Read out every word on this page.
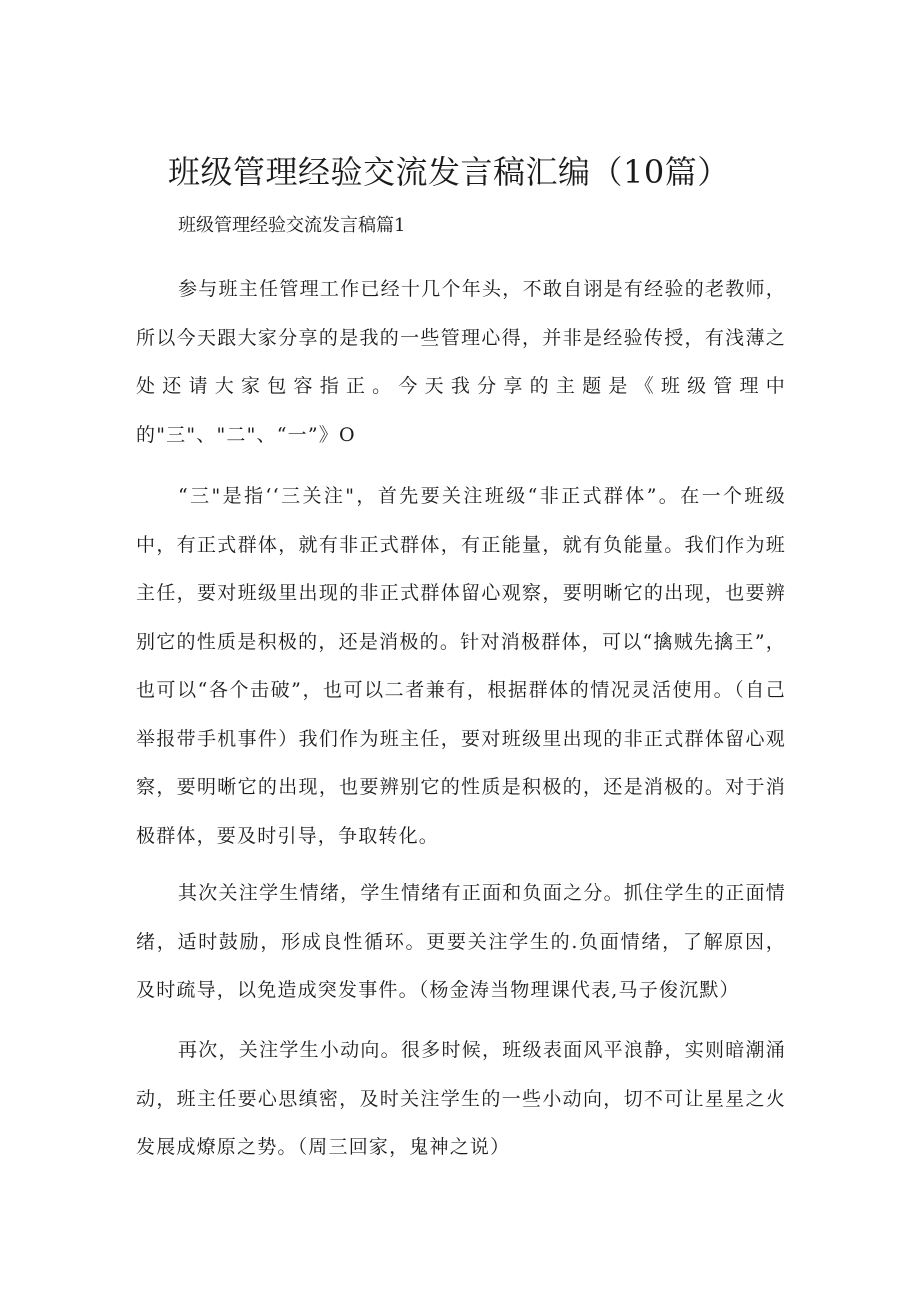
班级管理经验交流发言稿汇编（10篇）
班级管理经验交流发言稿篇1

参与班主任管理工作已经十几个年头，不敢自诩是有经验的老教师，所以今天跟大家分享的是我的一些管理心得，并非是经验传授，有浅薄之处还请大家包容指正。今天我分享的主题是《班级管理中的"三"、"二"、“一”》O

“三"是指‘‘三关注"，首先要关注班级“非正式群体”。在一个班级中，有正式群体，就有非正式群体，有正能量，就有负能量。我们作为班主任，要对班级里出现的非正式群体留心观察，要明晰它的出现，也要辨别它的性质是积极的，还是消极的。针对消极群体，可以“擒贼先擒王”，也可以“各个击破”，也可以二者兼有，根据群体的情况灵活使用。（自己举报带手机事件）我们作为班主任，要对班级里出现的非正式群体留心观察，要明晰它的出现，也要辨别它的性质是积极的，还是消极的。对于消极群体，要及时引导，争取转化。

其次关注学生情绪，学生情绪有正面和负面之分。抓住学生的正面情绪，适时鼓励，形成良性循环。更要关注学生的.负面情绪，了解原因，及时疏导，以免造成突发事件。（杨金涛当物理课代表,马子俊沉默）

再次，关注学生小动向。很多时候，班级表面风平浪静，实则暗潮涌动，班主任要心思缜密，及时关注学生的一些小动向，切不可让星星之火发展成燎原之势。（周三回家，鬼神之说）
